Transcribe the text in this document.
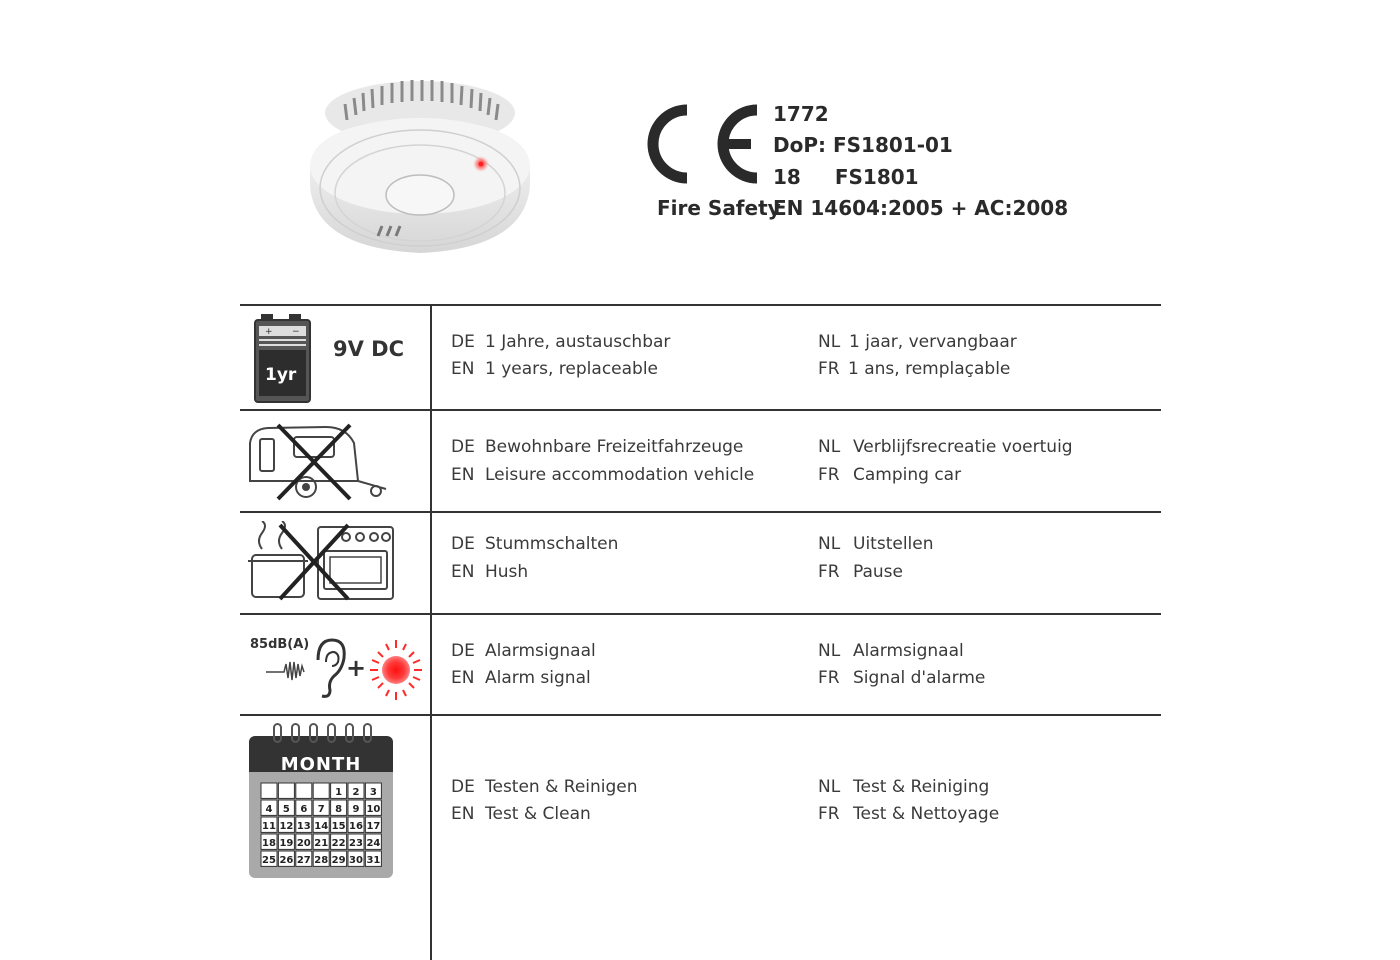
Fire Safety
1772
DoP: FS1801-01
18 FS1801
EN 14604:2005 + AC:2008
+ −
1yr
9V DC	DE 1 Jahre, austauschbar
EN 1 years, replaceable
NL 1 jaar, vervangbaar
FR 1 ans, remplaçable
DE Bewohnbare Freizeitfahrzeuge
EN Leisure accommodation vehicle
NL Verblijfsrecreatie voertuig
FR Camping car
DE Stummschalten
EN Hush
NL Uitstellen
FR Pause
85dB(A)
+
DE Alarmsignaal
EN Alarm signal
NL Alarmsignaal
FR Signal d'alarme
MONTH
1 2 3
4 5 6 7 8 9 10
11 12 13 14 15 16 17
18 19 20 21 22 23 24
25 26 27 28 29 30 31
DE Testen & Reinigen
EN Test & Clean
NL Test & Reiniging
FR Test & Nettoyage
